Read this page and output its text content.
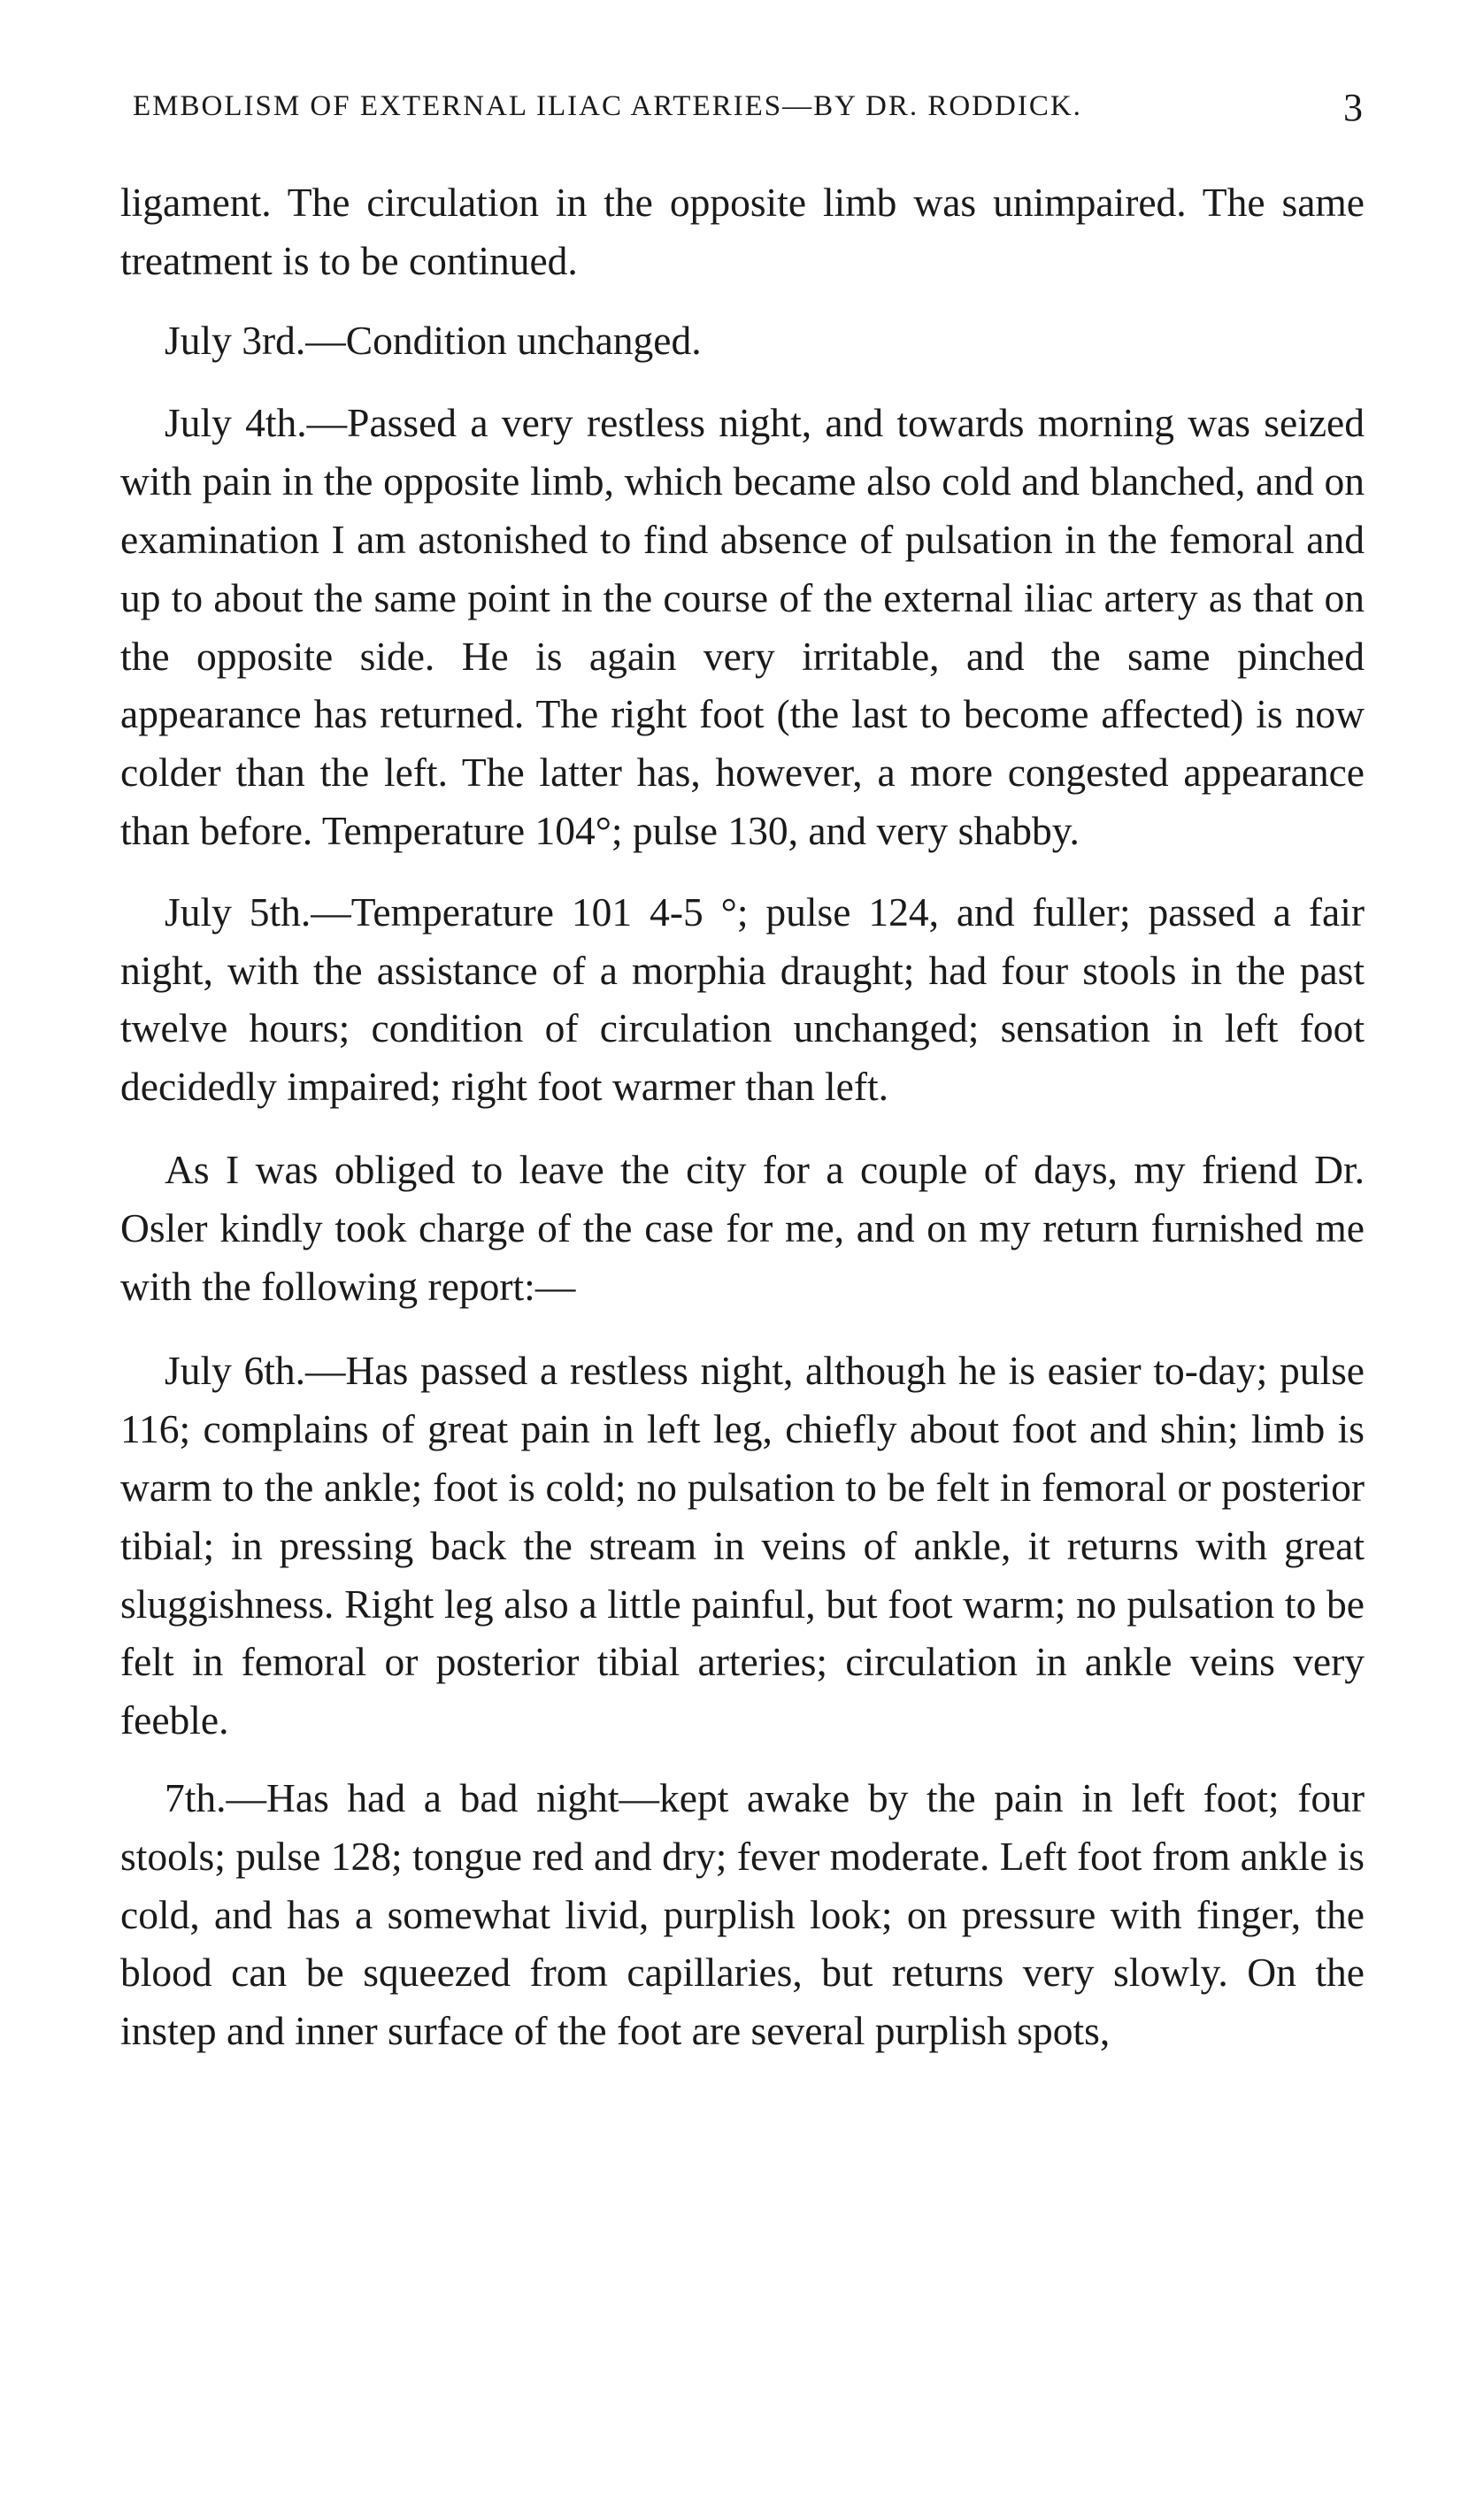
EMBOLISM OF EXTERNAL ILIAC ARTERIES—BY DR. RODDICK.	3

ligament. The circulation in the opposite limb was unimpaired. The same treatment is to be continued.

July 3rd.—Condition unchanged.

July 4th.—Passed a very restless night, and towards morning was seized with pain in the opposite limb, which became also cold and blanched, and on examination I am astonished to find absence of pulsation in the femoral and up to about the same point in the course of the external iliac artery as that on the opposite side. He is again very irritable, and the same pinched appearance has returned. The right foot (the last to become affected) is now colder than the left. The latter has, however, a more congested appearance than before. Temperature 104°; pulse 130, and very shabby.

July 5th.—Temperature 101 4-5 °; pulse 124, and fuller; passed a fair night, with the assistance of a morphia draught; had four stools in the past twelve hours; condition of circulation unchanged; sensation in left foot decidedly impaired; right foot warmer than left.

As I was obliged to leave the city for a couple of days, my friend Dr. Osler kindly took charge of the case for me, and on my return furnished me with the following report:—

July 6th.—Has passed a restless night, although he is easier to-day; pulse 116; complains of great pain in left leg, chiefly about foot and shin; limb is warm to the ankle; foot is cold; no pulsation to be felt in femoral or posterior tibial; in pressing back the stream in veins of ankle, it returns with great sluggishness. Right leg also a little painful, but foot warm; no pulsation to be felt in femoral or posterior tibial arteries; circulation in ankle veins very feeble.

7th.—Has had a bad night—kept awake by the pain in left foot; four stools; pulse 128; tongue red and dry; fever moderate. Left foot from ankle is cold, and has a somewhat livid, purplish look; on pressure with finger, the blood can be squeezed from capillaries, but returns very slowly. On the instep and inner surface of the foot are several purplish spots,
